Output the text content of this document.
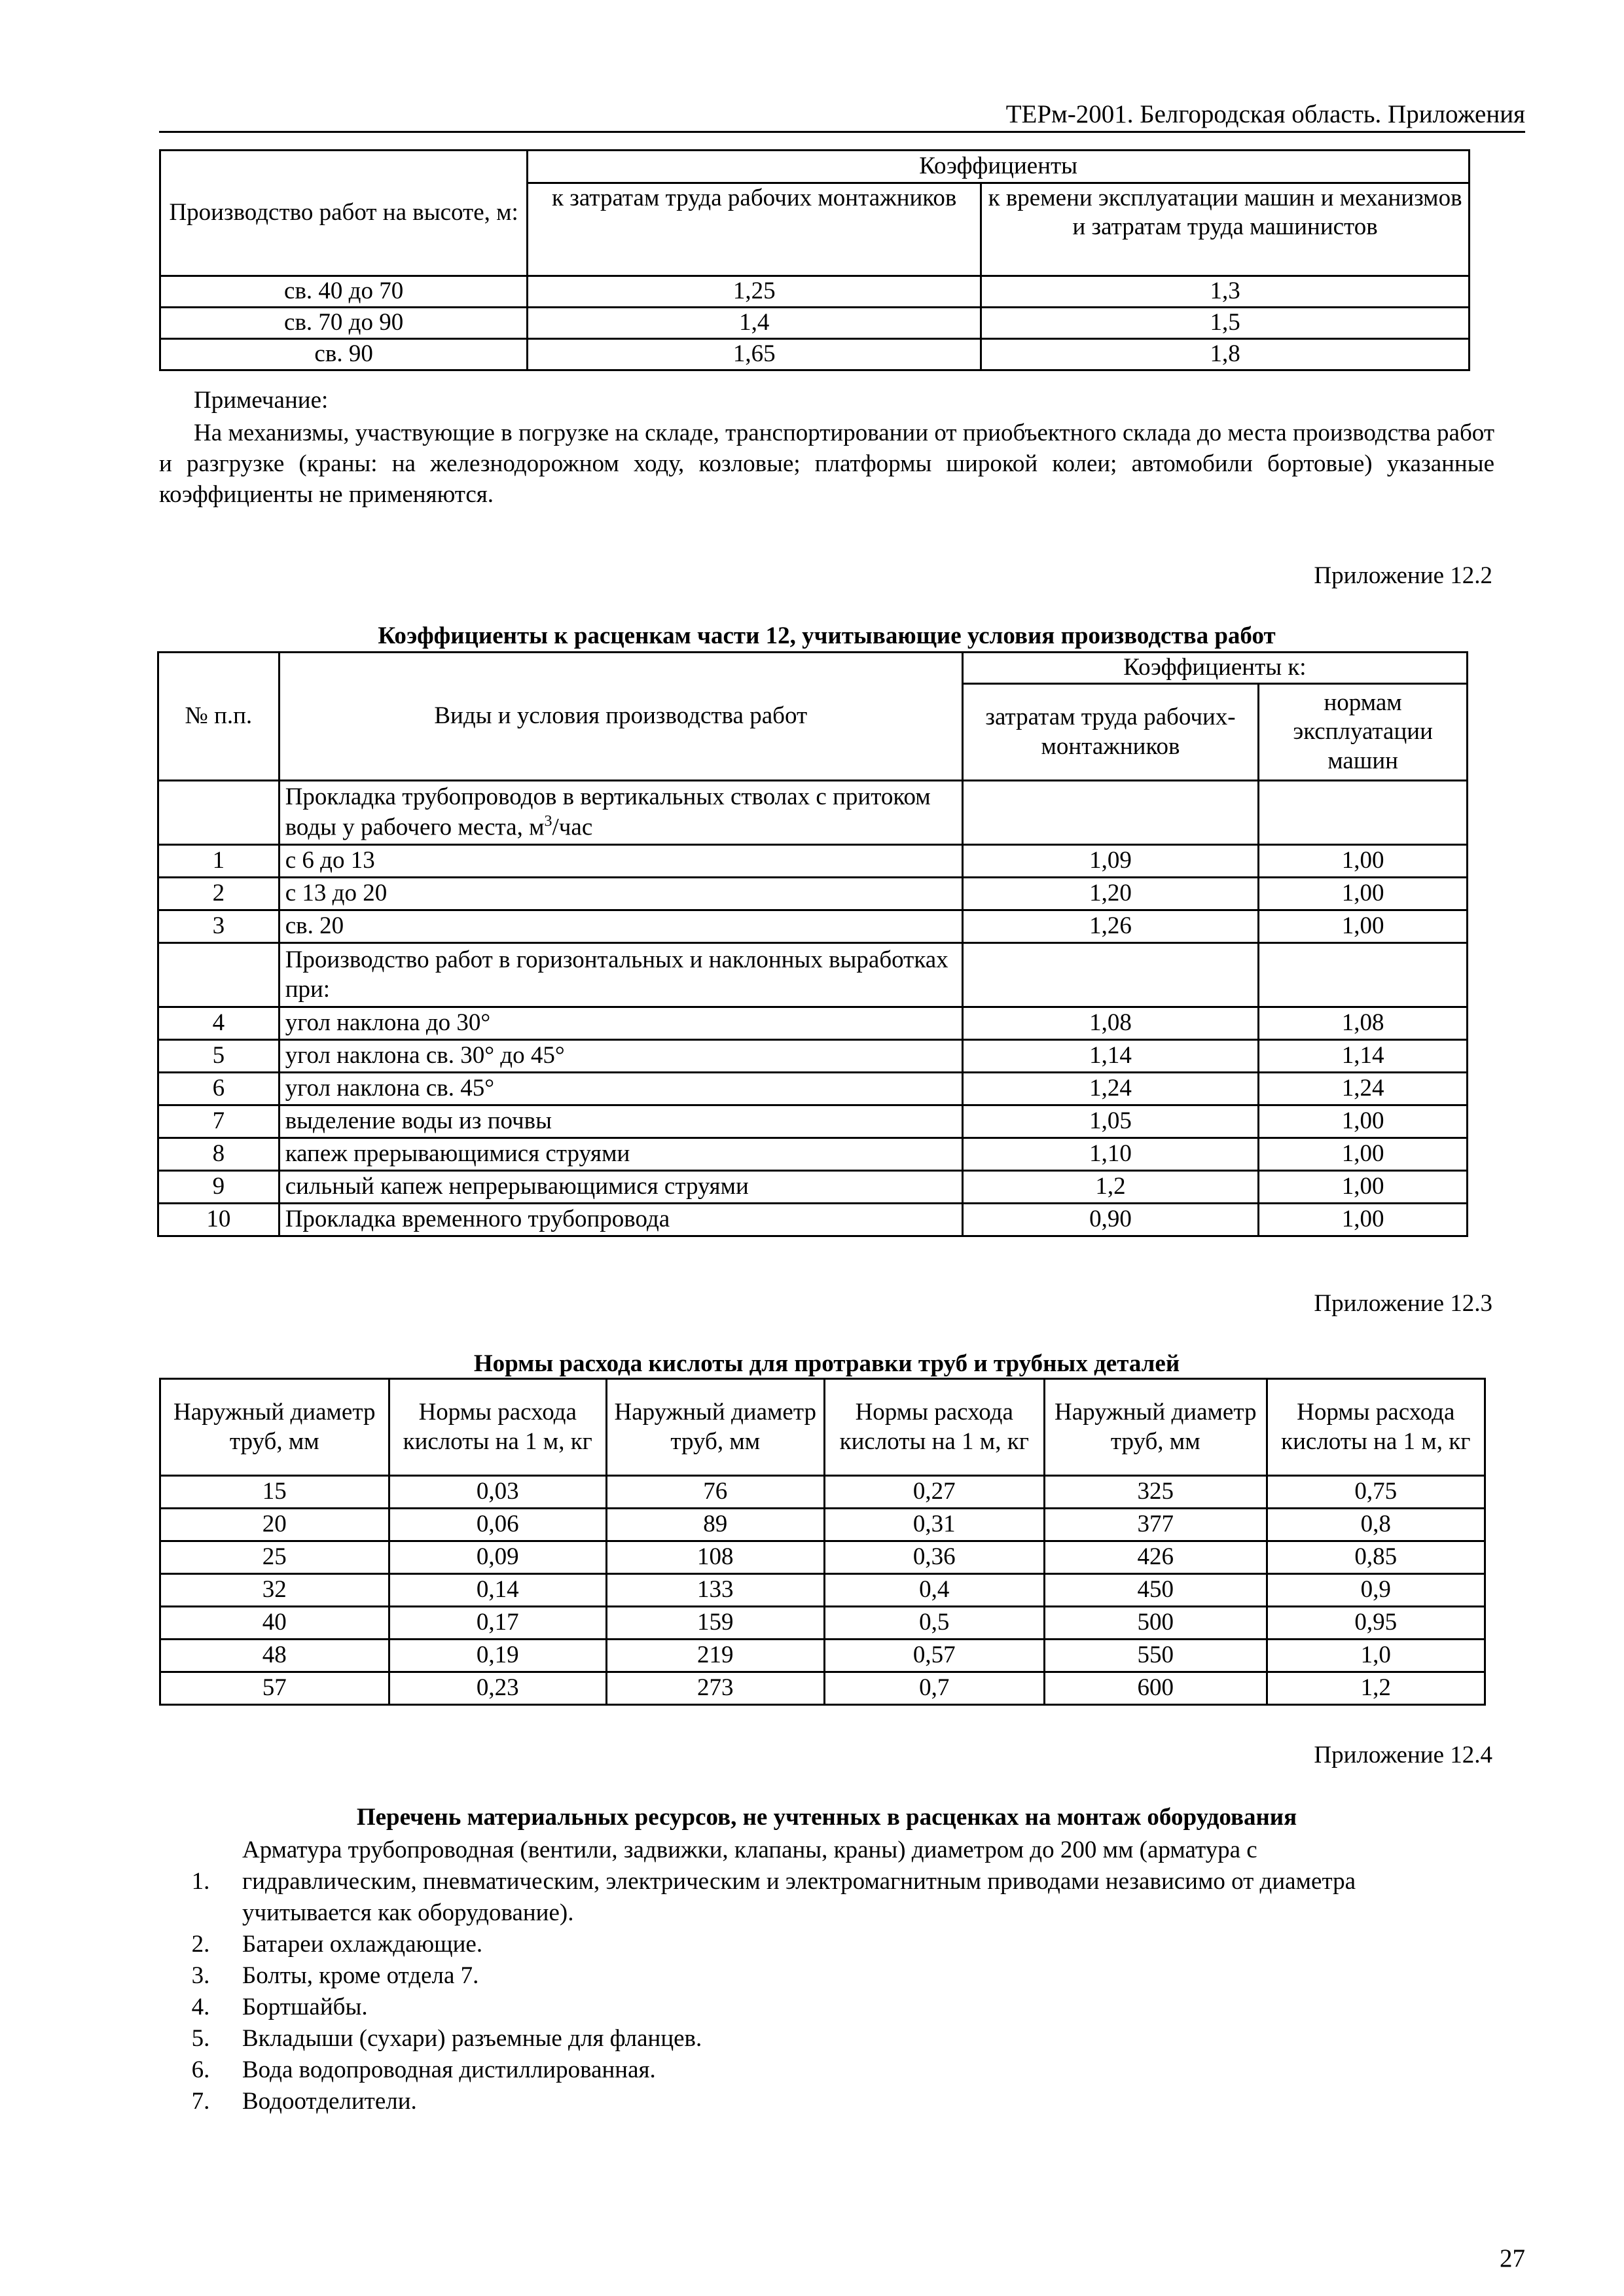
ТЕРм-2001. Белгородская область. Приложения
Производство работ на высоте, м:	Коэффициенты	
	к затратам труда рабочих монтажников	к времени эксплуатации машин и механизмов и затратам труда машинистов
св. 40 до 70	1,25	1,3
св. 70 до 90	1,4	1,5
св. 90	1,65	1,8
Примечание:
На механизмы, участвующие в погрузке на складе, транспортировании от приобъектного склада до места производства работ и разгрузке (краны: на железнодорожном ходу, козловые; платформы широкой колеи; автомобили бортовые) указанные коэффициенты не применяются.
Приложение 12.2
Коэффициенты к расценкам части 12, учитывающие условия производства работ
№ п.п.	Виды и условия производства работ	Коэффициенты к:	
		затратам труда рабочих-монтажников	нормам эксплуатации машин
	Прокладка трубопроводов в вертикальных стволах с притоком воды у рабочего места, $м^3$/час		
1	с 6 до 13	1,09	1,00
2	с 13 до 20	1,20	1,00
3	св. 20	1,26	1,00
	Производство работ в горизонтальных и наклонных выработках при:		
4	угол наклона до 30°	1,08	1,08
5	угол наклона св. 30° до 45°	1,14	1,14
6	угол наклона св. 45°	1,24	1,24
7	выделение воды из почвы	1,05	1,00
8	капеж прерывающимися струями	1,10	1,00
9	сильный капеж непрерывающимися струями	1,2	1,00
10	Прокладка временного трубопровода	0,90	1,00
Приложение 12.3
Нормы расхода кислоты для протравки труб и трубных деталей
Наружный диаметр труб, мм	Нормы расхода кислоты на 1 м, кг	Наружный диаметр труб, мм	Нормы расхода кислоты на 1 м, кг	Наружный диаметр труб, мм	Нормы расхода кислоты на 1 м, кг
15	0,03	76	0,27	325	0,75
20	0,06	89	0,31	377	0,8
25	0,09	108	0,36	426	0,85
32	0,14	133	0,4	450	0,9
40	0,17	159	0,5	500	0,95
48	0,19	219	0,57	550	1,0
57	0,23	273	0,7	600	1,2
Приложение 12.4
Перечень материальных ресурсов, не учтенных в расценках на монтаж оборудования
1.
Арматура трубопроводная (вентили, задвижки, клапаны, краны) диаметром до 200 мм (арматура с гидравлическим, пневматическим, электрическим и электромагнитным приводами независимо от диаметра учитывается как оборудование).
2.	Батареи охлаждающие.
3.	Болты, кроме отдела 7.
4.	Бортшайбы.
5.	Вкладыши (сухари) разъемные для фланцев.
6.	Вода водопроводная дистиллированная.
7.	Водоотделители.
27
